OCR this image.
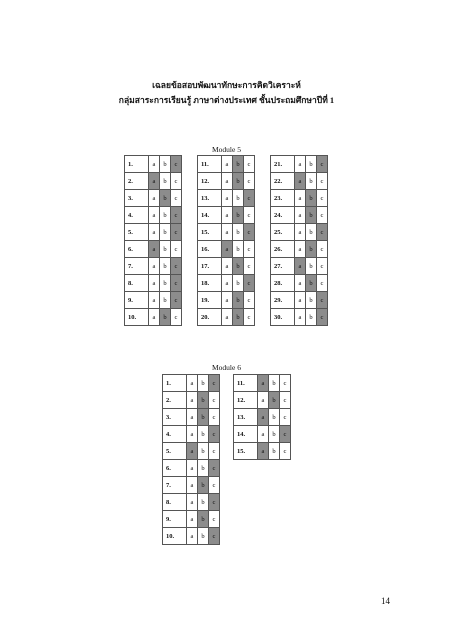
เฉลยข้อสอบพัฒนาทักษะการคิดวิเคราะห์
กลุ่มสาระการเรียนรู้ ภาษาต่างประเทศ ชั้นประถมศึกษาปีที่ 1
Module 5
1.	a	b	c
2.	a	b	c
3.	a	b	c
4.	a	b	c
5.	a	b	c
6.	a	b	c
7.	a	b	c
8.	a	b	c
9.	a	b	c
10.	a	b	c
11.	a	b	c
12.	a	b	c
13.	a	b	c
14.	a	b	c
15.	a	b	c
16.	a	b	c
17.	a	b	c
18.	a	b	c
19.	a	b	c
20.	a	b	c
21.	a	b	c
22.	a	b	c
23.	a	b	c
24.	a	b	c
25.	a	b	c
26.	a	b	c
27.	a	b	c
28.	a	b	c
29.	a	b	c
30.	a	b	c
Module 6
1.	a	b	c
2.	a	b	c
3.	a	b	c
4.	a	b	c
5.	a	b	c
6.	a	b	c
7.	a	b	c
8.	a	b	c
9.	a	b	c
10.	a	b	c
11.	a	b	c
12.	a	b	c
13.	a	b	c
14.	a	b	c
15.	a	b	c
14
